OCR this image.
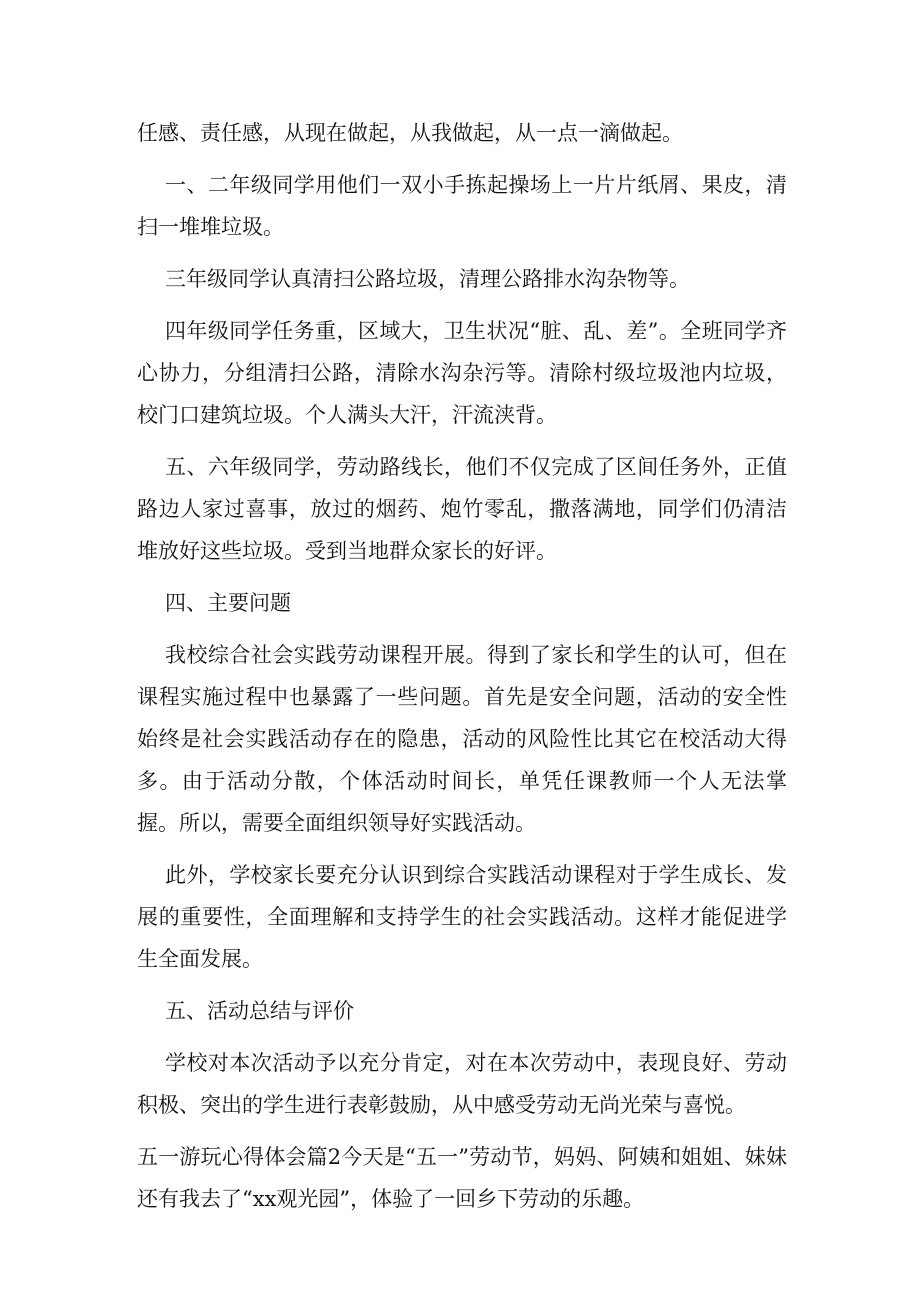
任感、责任感，从现在做起，从我做起，从一点一滴做起。

一、二年级同学用他们一双小手拣起操场上一片片纸屑、果皮，清扫一堆堆垃圾。

三年级同学认真清扫公路垃圾，清理公路排水沟杂物等。

四年级同学任务重，区域大，卫生状况“脏、乱、差”。全班同学齐心协力，分组清扫公路，清除水沟杂污等。清除村级垃圾池内垃圾，校门口建筑垃圾。个人满头大汗，汗流浃背。

五、六年级同学，劳动路线长，他们不仅完成了区间任务外，正值路边人家过喜事，放过的烟药、炮竹零乱，撒落满地，同学们仍清洁堆放好这些垃圾。受到当地群众家长的好评。

四、主要问题

我校综合社会实践劳动课程开展。得到了家长和学生的认可，但在课程实施过程中也暴露了一些问题。首先是安全问题，活动的安全性始终是社会实践活动存在的隐患，活动的风险性比其它在校活动大得多。由于活动分散，个体活动时间长，单凭任课教师一个人无法掌握。所以，需要全面组织领导好实践活动。

此外，学校家长要充分认识到综合实践活动课程对于学生成长、发展的重要性，全面理解和支持学生的社会实践活动。这样才能促进学生全面发展。

五、活动总结与评价

学校对本次活动予以充分肯定，对在本次劳动中，表现良好、劳动积极、突出的学生进行表彰鼓励，从中感受劳动无尚光荣与喜悦。

五一游玩心得体会篇2今天是“五一”劳动节，妈妈、阿姨和姐姐、妹妹还有我去了“xx观光园”，体验了一回乡下劳动的乐趣。
